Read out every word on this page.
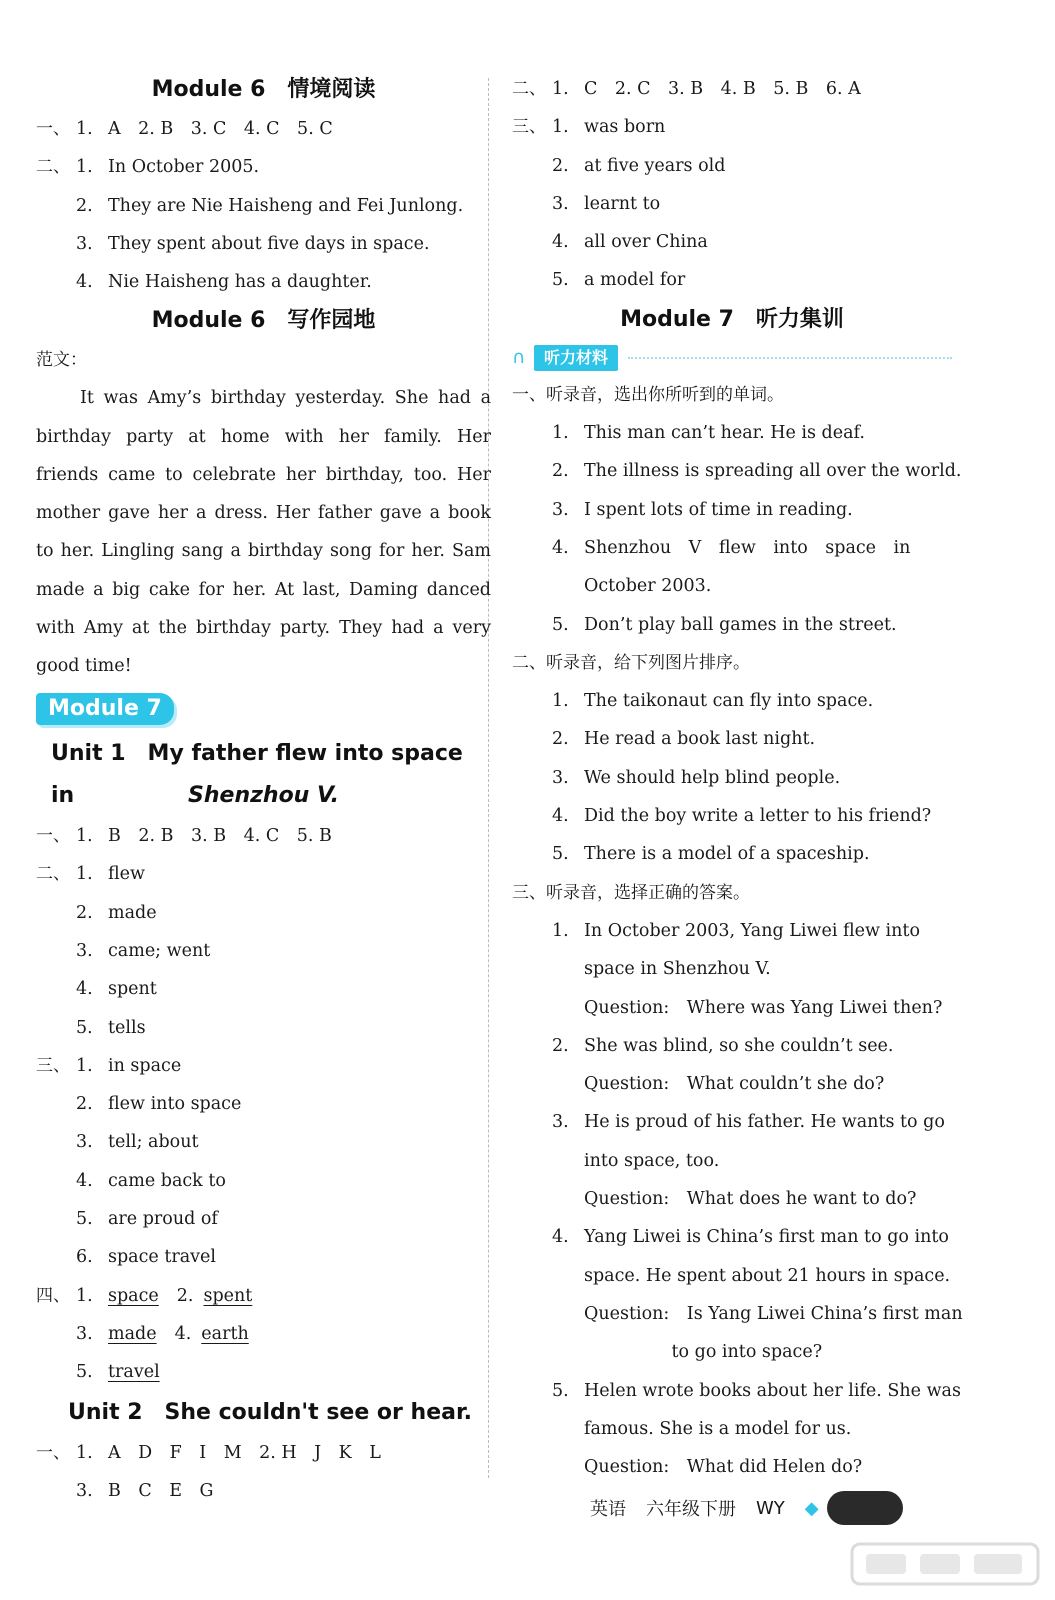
Module 6　情境阅读
一、 1. A　2. B　3. C　4. C　5. C
二、 1. In October 2005.
2. They are Nie Haisheng and Fei Junlong.
3. They spent about five days in space.
4. Nie Haisheng has a daughter.
Module 6　写作园地
范文：
It was Amy’s birthday yesterday. She had a birthday party at home with her family. Her friends came to celebrate her birthday, too. Her mother gave her a dress. Her father gave a book to her. Lingling sang a birthday song for her. Sam made a big cake for her. At last, Daming danced with Amy at the birthday party. They had a very good time!
Module 7
Unit 1　My father flew into space in	Shenzhou V.
一、 1. B　2. B　3. B　4. C　5. B
二、 1. flew
2. made
3. came; went
4. spent
5. tells
三、 1. in space
2. flew into space
3. tell; about
4. came back to
5. are proud of
6. space travel
四、 1. space 2. spent
3. made 4. earth
5. travel
Unit 2　She couldn't see or hear.
一、 1. A　D　F　I　M　2. H　J　K　L
3. B　C　E　G
二、 1. C　2. C　3. B　4. B　5. B　6. A
三、 1. was born
2. at five years old
3. learnt to
4. all over China
5. a model for
Module 7　听力集训
∩	听力材料
一、听录音，选出你所听到的单词。
1. This man can’t hear. He is deaf.
2. The illness is spreading all over the world.
3. I spent lots of time in reading.
4. Shenzhou　V　flew　into　space　in
October 2003.
5. Don’t play ball games in the street.
二、听录音，给下列图片排序。
1. The taikonaut can fly into space.
2. He read a book last night.
3. We should help blind people.
4. Did the boy write a letter to his friend?
5. There is a model of a spaceship.
三、听录音，选择正确的答案。
1. In October 2003, Yang Liwei flew into
space in Shenzhou V.
Question:　Where was Yang Liwei then?
2. She was blind, so she couldn’t see.
Question:　What couldn’t she do?
3. He is proud of his father. He wants to go
into space, too.
Question:　What does he want to do?
4. Yang Liwei is China’s first man to go into
space. He spent about 21 hours in space.
Question:　Is Yang Liwei China’s first man
　　　　　to go into space?
5. Helen wrote books about her life. She was
famous. She is a model for us.
Question:　What did Helen do?
英语 六年级下册 WY ◆
